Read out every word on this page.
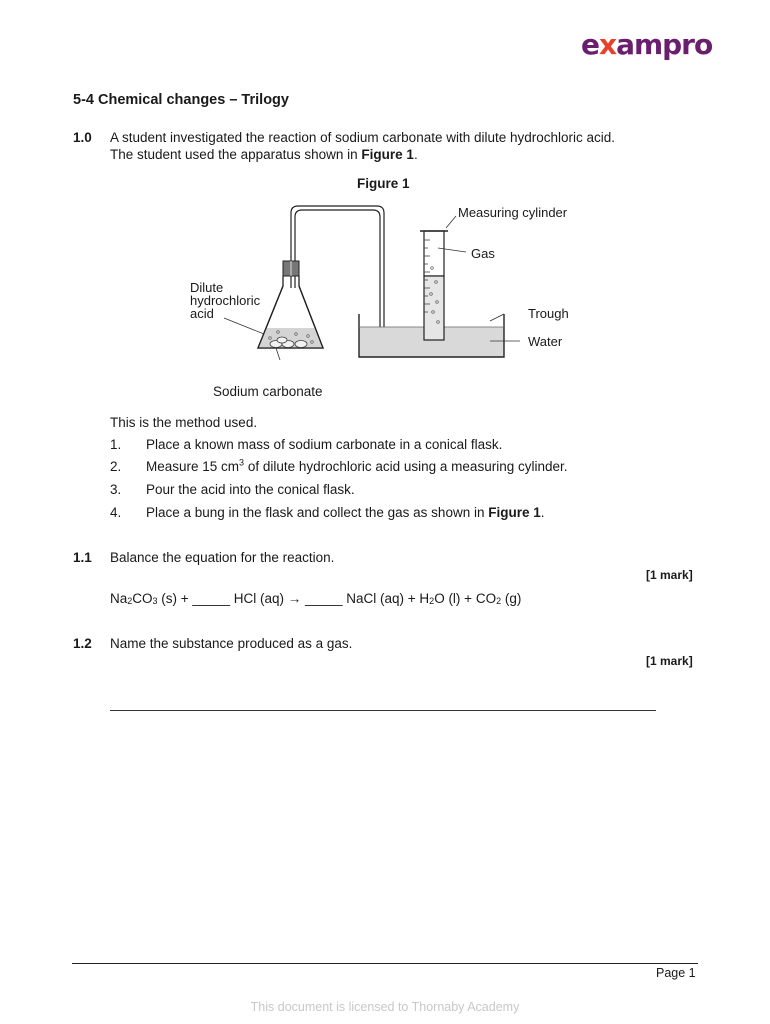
exampro
5-4 Chemical changes – Trilogy
1.0 A student investigated the reaction of sodium carbonate with dilute hydrochloric acid.
The student used the apparatus shown in Figure 1.
Figure 1
Measuring cylinder
Gas
Dilute
hydrochloric
acid	Trough
Water
Sodium carbonate
This is the method used.
1. Place a known mass of sodium carbonate in a conical flask.
2. Measure 15 $cm^3$ of dilute hydrochloric acid using a measuring cylinder.
3. Pour the acid into the conical flask.
4. Place a bung in the flask and collect the gas as shown in Figure 1.
1.1 Balance the equation for the reaction.
[1 mark]
Na2CO3 (s) + _____ HCl (aq) → _____ NaCl (aq) + H2O (l) + CO2 (g)
1.2 Name the substance produced as a gas.
[1 mark]
Page 1
This document is licensed to Thornaby Academy
